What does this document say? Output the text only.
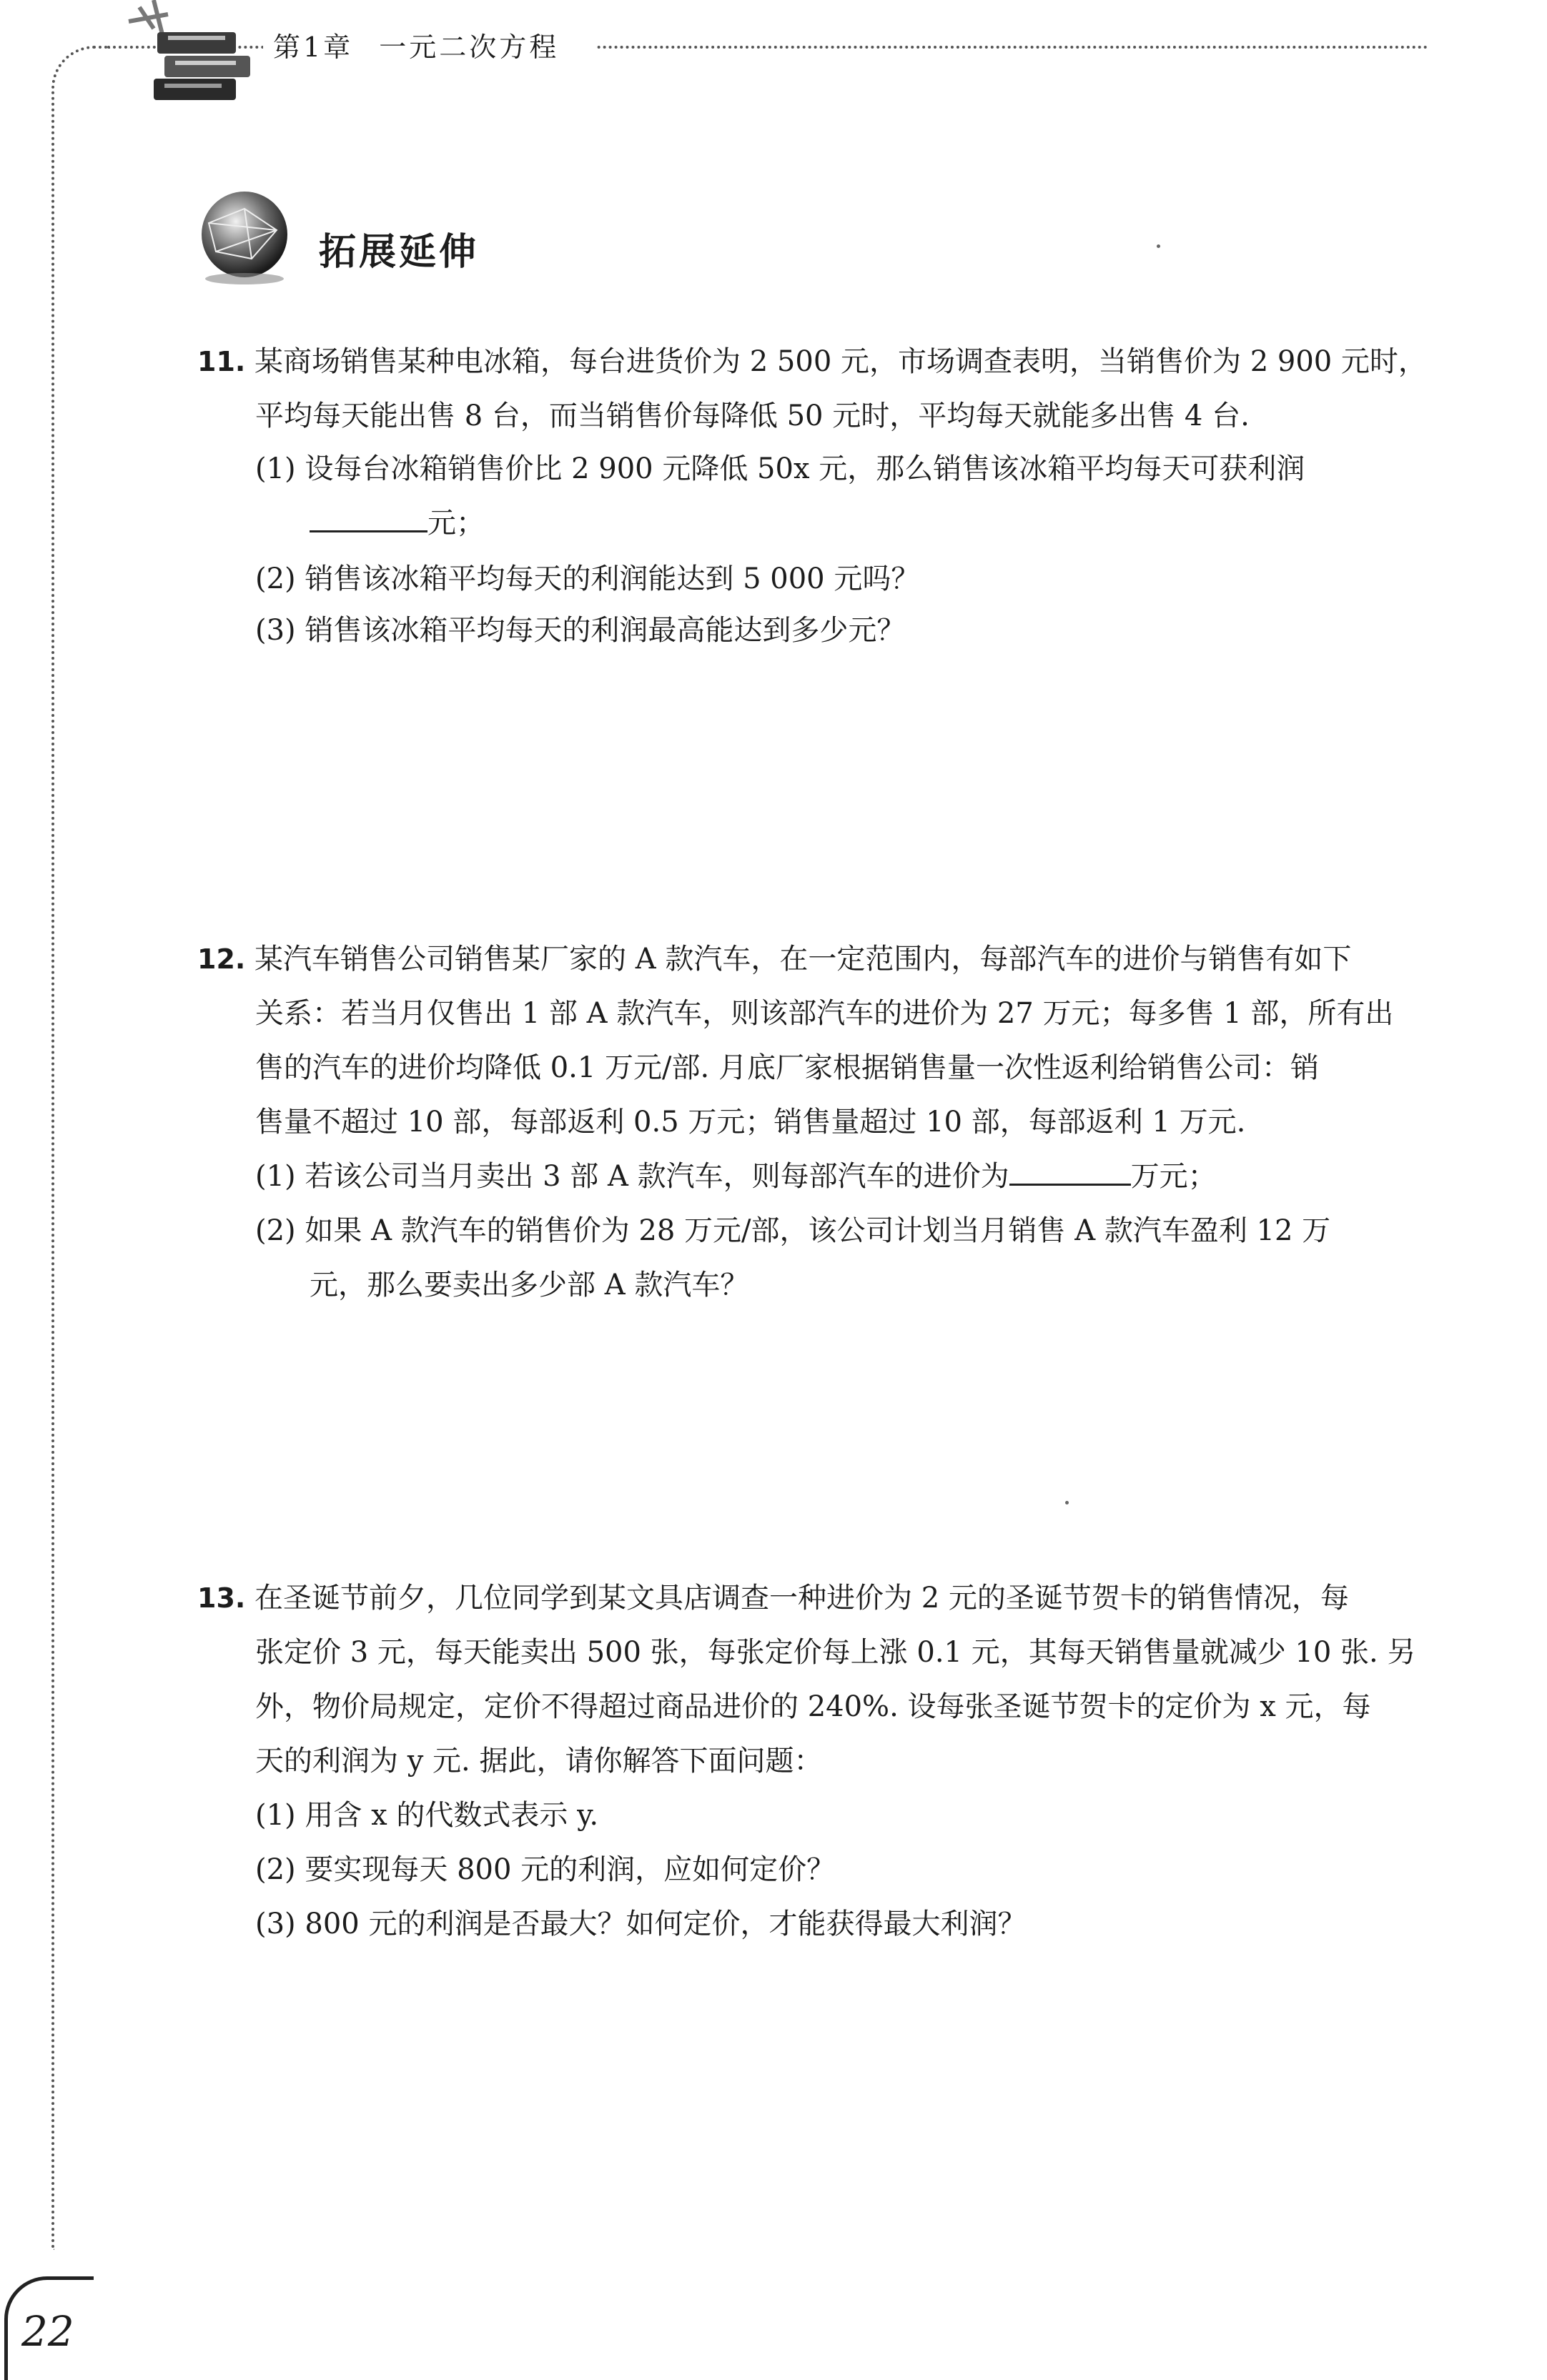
第1章 一元二次方程
拓展延伸
11. 某商场销售某种电冰箱，每台进货价为 2 500 元，市场调查表明，当销售价为 2 900 元时，
平均每天能出售 8 台，而当销售价每降低 50 元时，平均每天就能多出售 4 台.
(1) 设每台冰箱销售价比 2 900 元降低 50x 元，那么销售该冰箱平均每天可获利润
元；
(2) 销售该冰箱平均每天的利润能达到 5 000 元吗？
(3) 销售该冰箱平均每天的利润最高能达到多少元？
12. 某汽车销售公司销售某厂家的 A 款汽车，在一定范围内，每部汽车的进价与销售有如下
关系：若当月仅售出 1 部 A 款汽车，则该部汽车的进价为 27 万元；每多售 1 部，所有出
售的汽车的进价均降低 0.1 万元/部. 月底厂家根据销售量一次性返利给销售公司：销
售量不超过 10 部，每部返利 0.5 万元；销售量超过 10 部，每部返利 1 万元.
(1) 若该公司当月卖出 3 部 A 款汽车，则每部汽车的进价为	万元；
(2) 如果 A 款汽车的销售价为 28 万元/部，该公司计划当月销售 A 款汽车盈利 12 万
元，那么要卖出多少部 A 款汽车？
13. 在圣诞节前夕，几位同学到某文具店调查一种进价为 2 元的圣诞节贺卡的销售情况，每
张定价 3 元，每天能卖出 500 张，每张定价每上涨 0.1 元，其每天销售量就减少 10 张. 另
外，物价局规定，定价不得超过商品进价的 240%. 设每张圣诞节贺卡的定价为 x 元，每
天的利润为 y 元. 据此，请你解答下面问题：
(1) 用含 x 的代数式表示 y.
(2) 要实现每天 800 元的利润，应如何定价？
(3) 800 元的利润是否最大？如何定价，才能获得最大利润？
22
